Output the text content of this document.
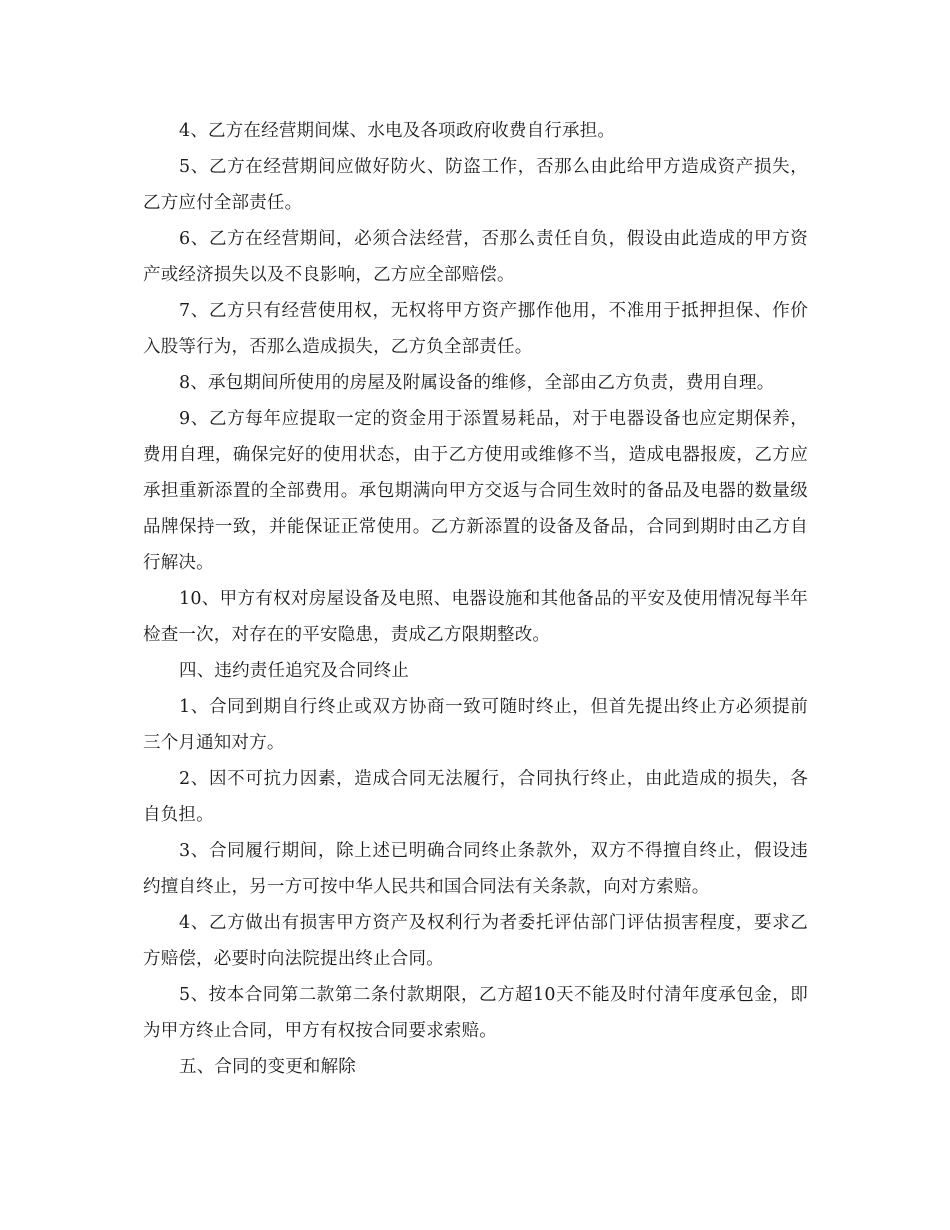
4、乙方在经营期间煤、水电及各项政府收费自行承担。

5、乙方在经营期间应做好防火、防盗工作，否那么由此给甲方造成资产损失，乙方应付全部责任。

6、乙方在经营期间，必须合法经营，否那么责任自负，假设由此造成的甲方资产或经济损失以及不良影响，乙方应全部赔偿。

7、乙方只有经营使用权，无权将甲方资产挪作他用，不准用于抵押担保、作价入股等行为，否那么造成损失，乙方负全部责任。

8、承包期间所使用的房屋及附属设备的维修，全部由乙方负责，费用自理。

9、乙方每年应提取一定的资金用于添置易耗品，对于电器设备也应定期保养，费用自理，确保完好的使用状态，由于乙方使用或维修不当，造成电器报废，乙方应承担重新添置的全部费用。承包期满向甲方交返与合同生效时的备品及电器的数量级品牌保持一致，并能保证正常使用。乙方新添置的设备及备品，合同到期时由乙方自行解决。

10、甲方有权对房屋设备及电照、电器设施和其他备品的平安及使用情况每半年检查一次，对存在的平安隐患，责成乙方限期整改。

四、违约责任追究及合同终止

1、合同到期自行终止或双方协商一致可随时终止，但首先提出终止方必须提前三个月通知对方。

2、因不可抗力因素，造成合同无法履行，合同执行终止，由此造成的损失，各自负担。

3、合同履行期间，除上述已明确合同终止条款外，双方不得擅自终止，假设违约擅自终止，另一方可按中华人民共和国合同法有关条款，向对方索赔。

4、乙方做出有损害甲方资产及权利行为者委托评估部门评估损害程度，要求乙方赔偿，必要时向法院提出终止合同。

5、按本合同第二款第二条付款期限，乙方超10天不能及时付清年度承包金，即为甲方终止合同，甲方有权按合同要求索赔。

五、合同的变更和解除
